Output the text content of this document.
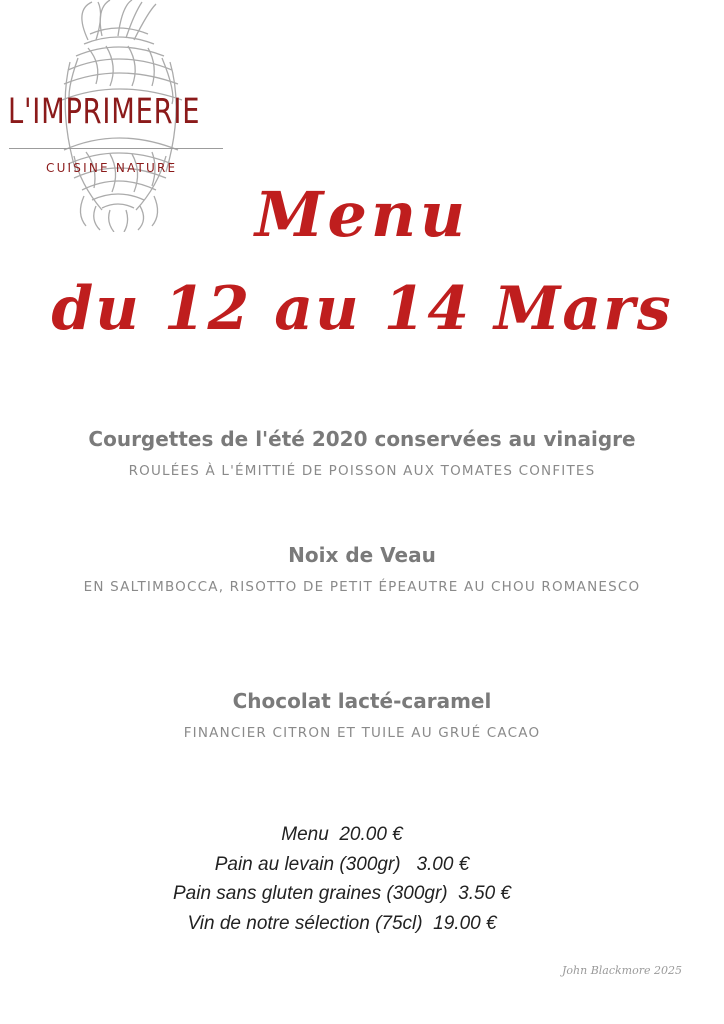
L'IMPRIMERIE
CUISINE NATURE
Menu
du 12 au 14 Mars
Courgettes de l'été 2020 conservées au vinaigre
ROULÉES À L'ÉMITTIÉ DE POISSON AUX TOMATES CONFITES
Noix de Veau
EN SALTIMBOCCA, RISOTTO DE PETIT ÉPEAUTRE AU CHOU ROMANESCO
Chocolat lacté-caramel
FINANCIER CITRON ET TUILE AU GRUÉ CACAO
Menu  20.00 €
Pain au levain (300gr)   3.00 €
Pain sans gluten graines (300gr)  3.50 €
Vin de notre sélection (75cl)  19.00 €
John Blackmore 2025
